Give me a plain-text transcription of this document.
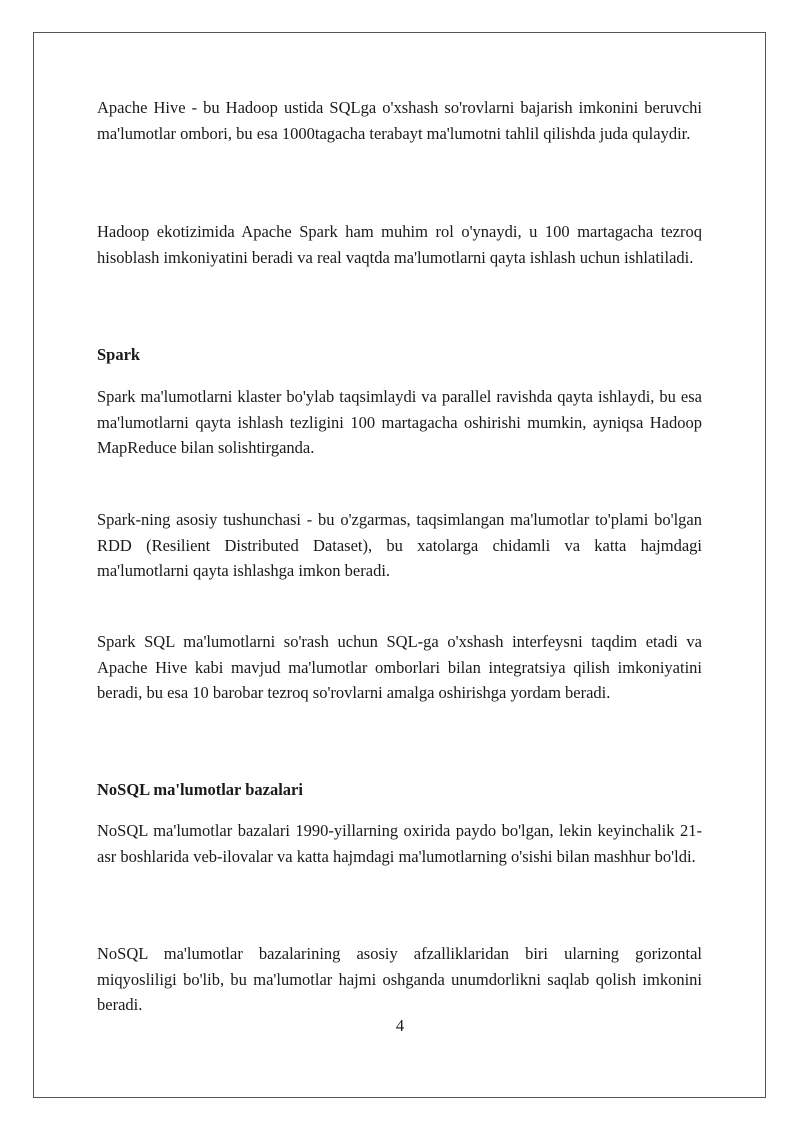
Apache Hive - bu Hadoop ustida SQLga o'xshash so'rovlarni bajarish imkonini beruvchi ma'lumotlar ombori, bu esa 1000tagacha terabayt ma'lumotni tahlil qilishda juda qulaydir.

Hadoop ekotizimida Apache Spark ham muhim rol o'ynaydi, u 100 martagacha tezroq hisoblash imkoniyatini beradi va real vaqtda ma'lumotlarni qayta ishlash uchun ishlatiladi.

Spark

Spark ma'lumotlarni klaster bo'ylab taqsimlaydi va parallel ravishda qayta ishlaydi, bu esa ma'lumotlarni qayta ishlash tezligini 100 martagacha oshirishi mumkin, ayniqsa Hadoop MapReduce bilan solishtirganda.

Spark-ning asosiy tushunchasi - bu o'zgarmas, taqsimlangan ma'lumotlar to'plami bo'lgan RDD (Resilient Distributed Dataset), bu xatolarga chidamli va katta hajmdagi ma'lumotlarni qayta ishlashga imkon beradi.

Spark SQL ma'lumotlarni so'rash uchun SQL-ga o'xshash interfeysni taqdim etadi va Apache Hive kabi mavjud ma'lumotlar omborlari bilan integratsiya qilish imkoniyatini beradi, bu esa 10 barobar tezroq so'rovlarni amalga oshirishga yordam beradi.

NoSQL ma'lumotlar bazalari

NoSQL ma'lumotlar bazalari 1990-yillarning oxirida paydo bo'lgan, lekin keyinchalik 21-asr boshlarida veb-ilovalar va katta hajmdagi ma'lumotlarning o'sishi bilan mashhur bo'ldi.

NoSQL ma'lumotlar bazalarining asosiy afzalliklaridan biri ularning gorizontal miqyosliligi bo'lib, bu ma'lumotlar hajmi oshganda unumdorlikni saqlab qolish imkonini beradi.

4
